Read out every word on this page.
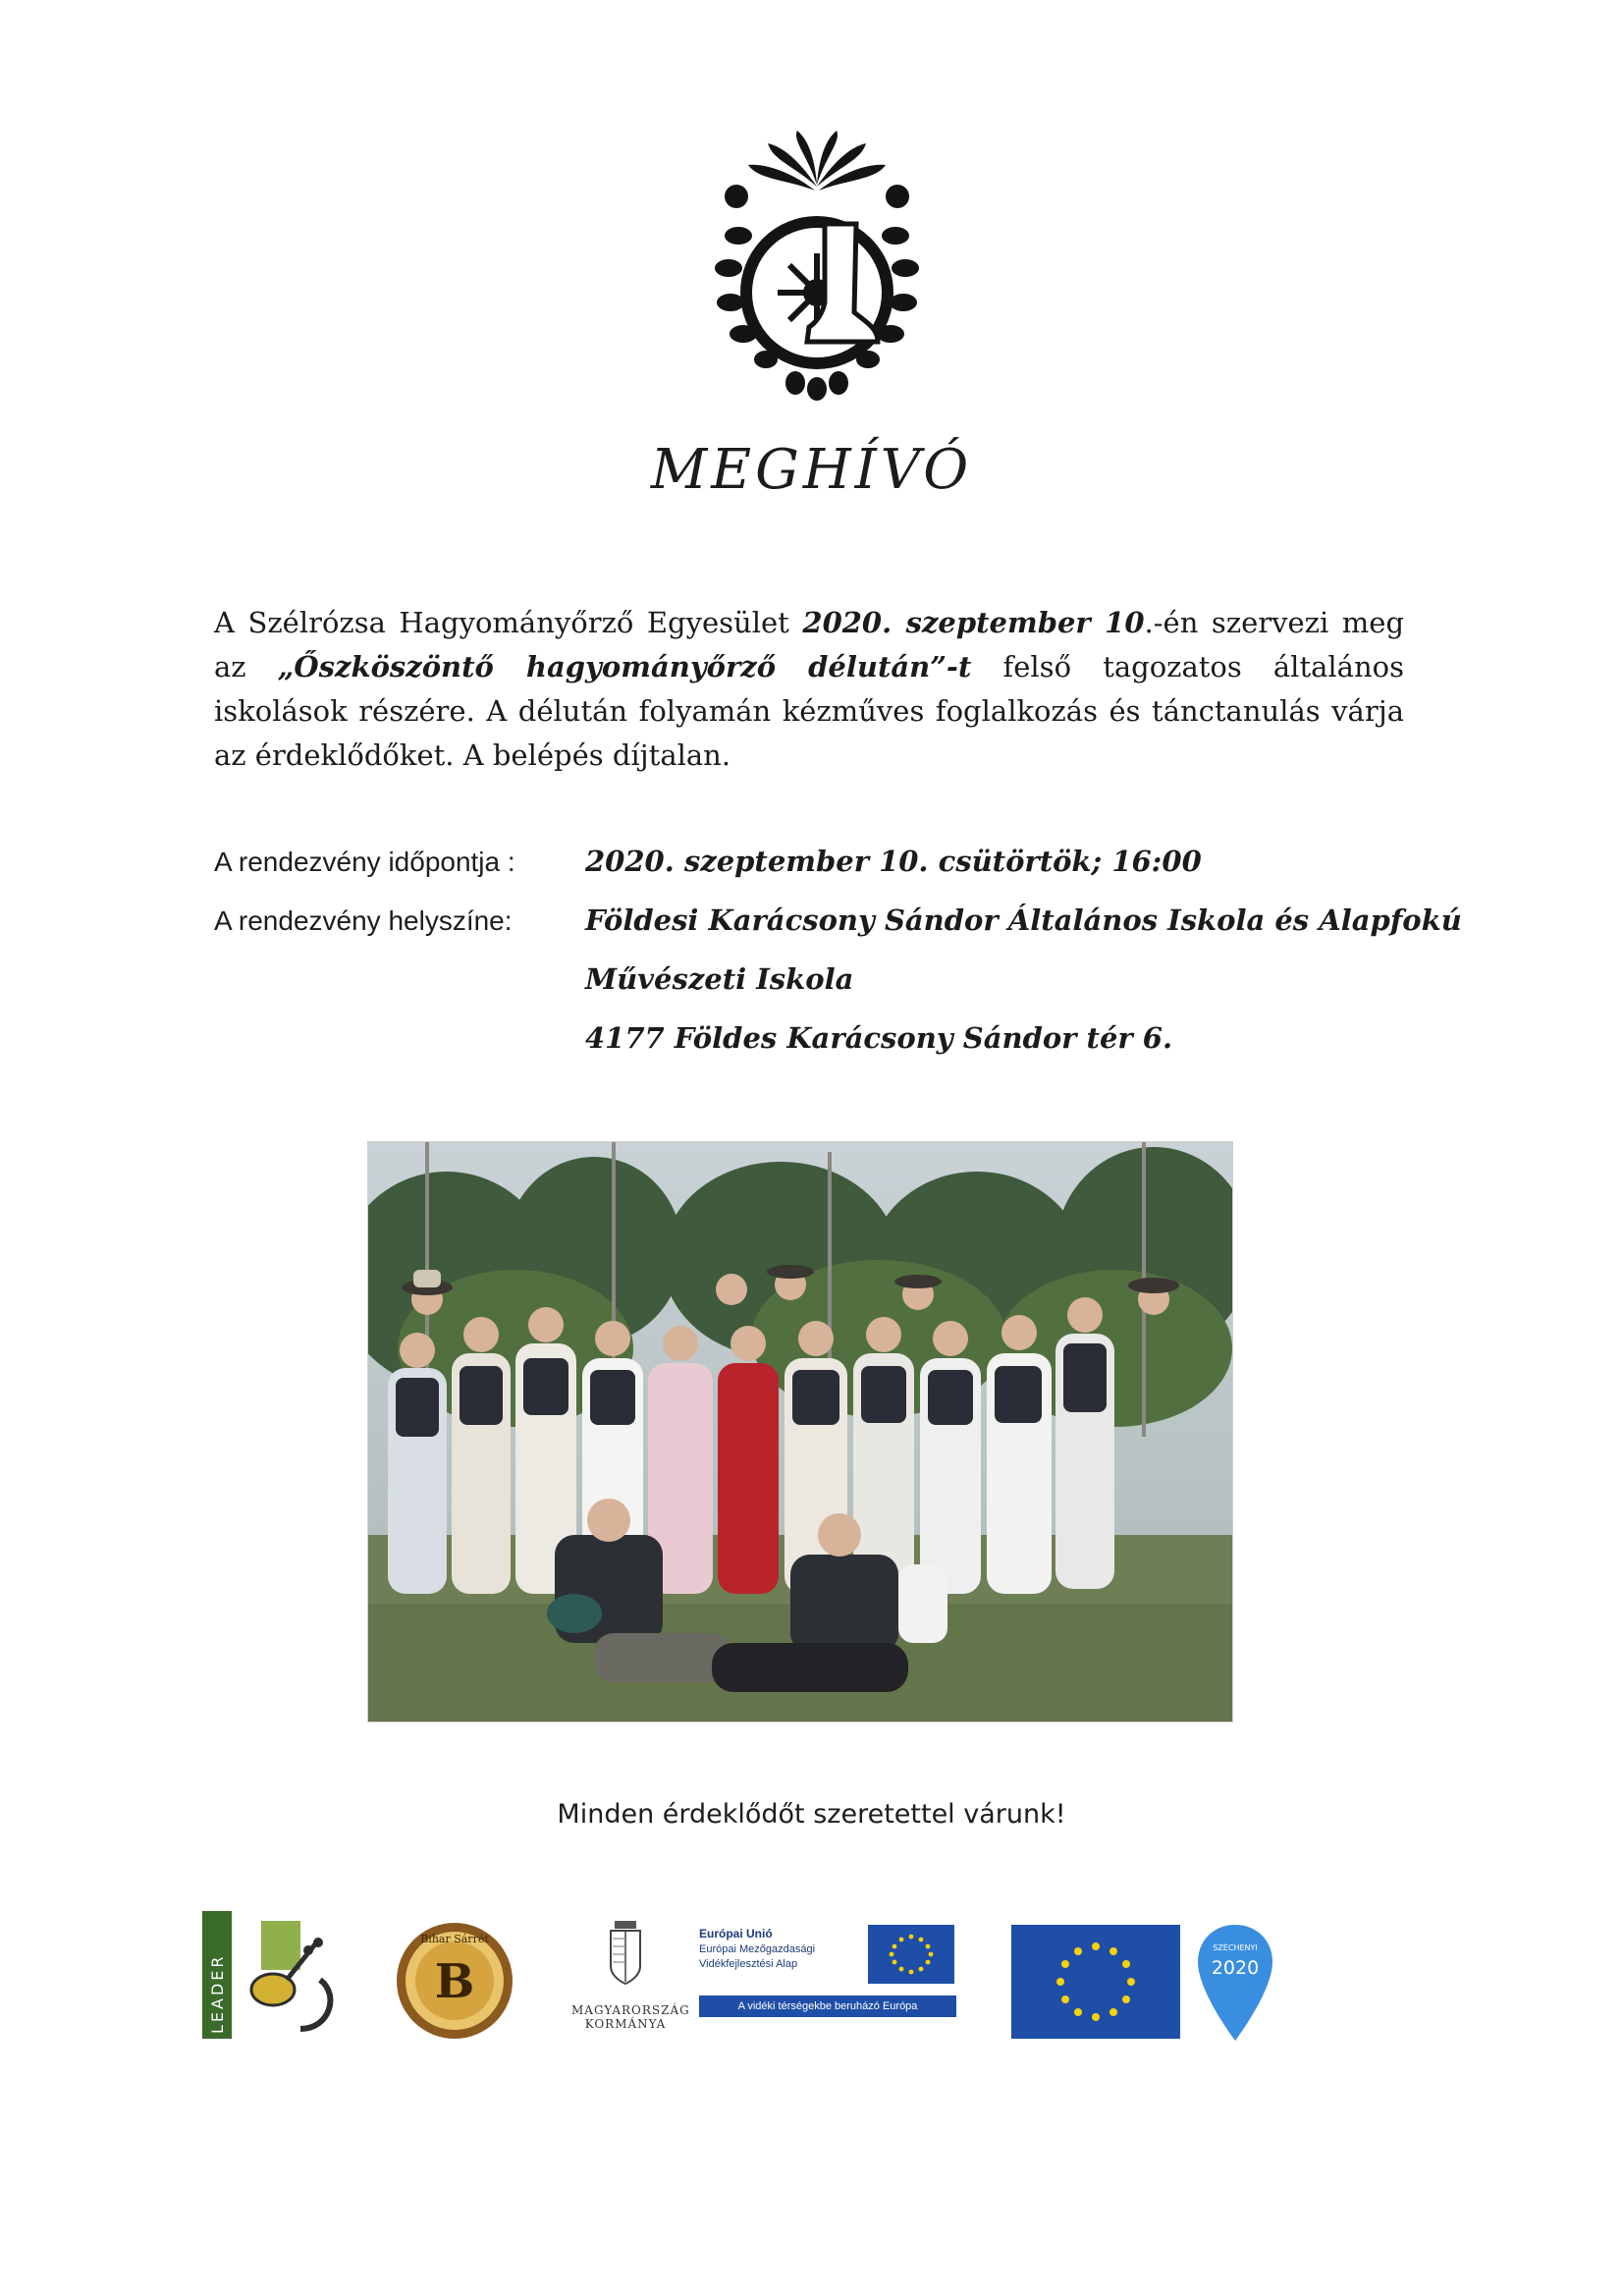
MEGHÍVÓ
A Szélrózsa Hagyományőrző Egyesület 2020. szeptember 10.-én szervezi meg az „Őszköszöntő hagyományőrző délután”-t felső tagozatos általános iskolások részére. A délután folyamán kézműves foglalkozás és tánctanulás várja az érdeklődőket. A belépés díjtalan.
A rendezvény időpontja : 2020. szeptember 10. csütörtök; 16:00
A rendezvény helyszíne:	Földesi Karácsony Sándor Általános Iskola és Alapfokú
Művészeti Iskola
4177 Földes Karácsony Sándor tér 6.
Minden érdeklődőt szeretettel várunk!
LEADER
Bihar Sárrét
B
MAGYARORSZÁG
KORMÁNYA
Európai Unió
Európai Mezőgazdasági
Vidékfejlesztési Alap
A vidéki térségekbe beruházó Európa
SZÉCHENYI
2020
